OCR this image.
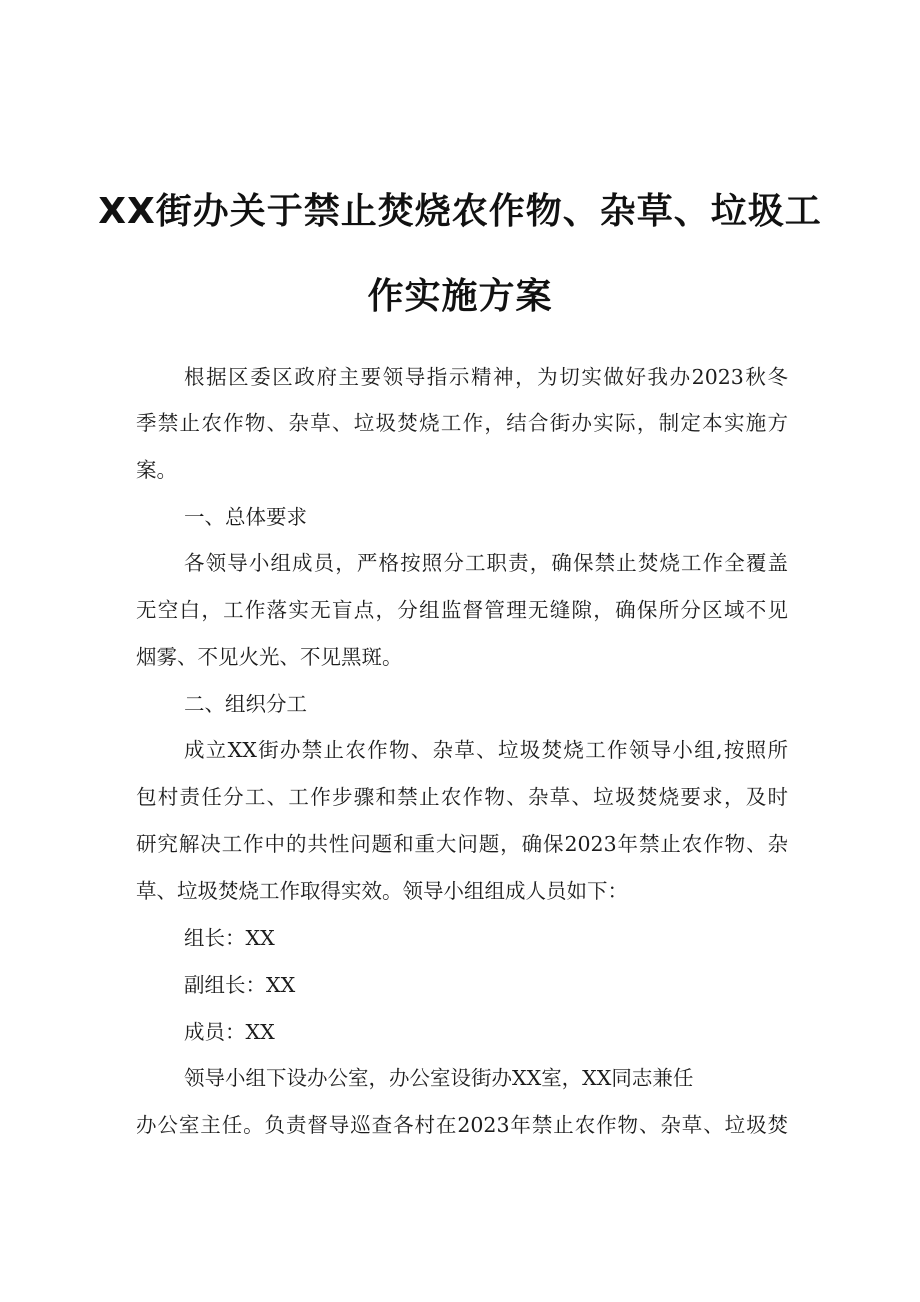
XX街办关于禁止焚烧农作物、杂草、垃圾工
作实施方案
根据区委区政府主要领导指示精神，为切实做好我办2023秋冬
季禁止农作物、杂草、垃圾焚烧工作，结合街办实际，制定本实施方
案。
一、总体要求
各领导小组成员，严格按照分工职责，确保禁止焚烧工作全覆盖
无空白，工作落实无盲点，分组监督管理无缝隙，确保所分区域不见
烟雾、不见火光、不见黑斑。
二、组织分工
成立XX街办禁止农作物、杂草、垃圾焚烧工作领导小组,按照所
包村责任分工、工作步骤和禁止农作物、杂草、垃圾焚烧要求，及时
研究解决工作中的共性问题和重大问题，确保2023年禁止农作物、杂
草、垃圾焚烧工作取得实效。领导小组组成人员如下：
组长：XX
副组长：XX
成员：XX
领导小组下设办公室，办公室设街办XX室，XX同志兼任
办公室主任。负责督导巡查各村在2023年禁止农作物、杂草、垃圾焚
